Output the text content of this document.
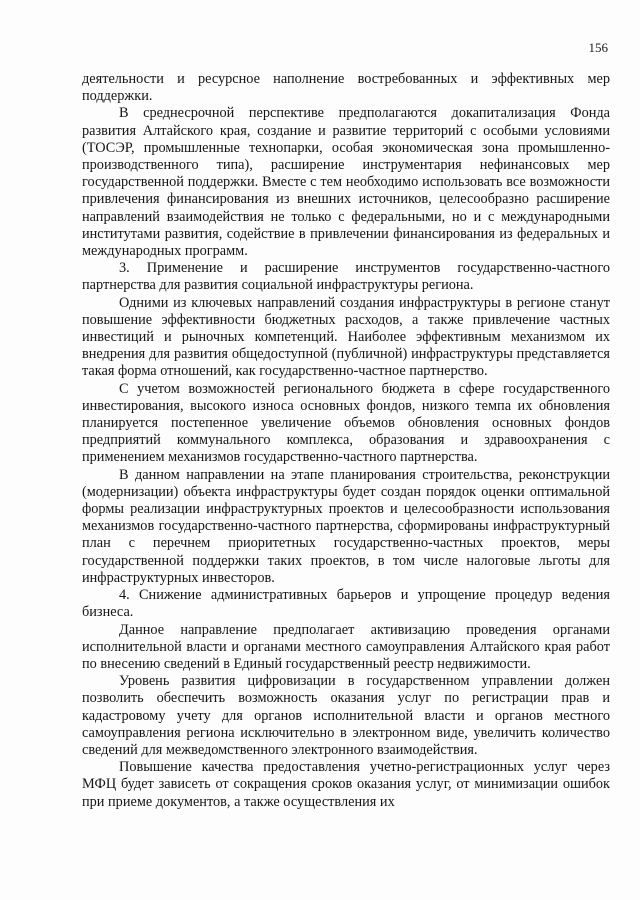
156

деятельности и ресурсное наполнение востребованных и эффективных мер поддержки.

В среднесрочной перспективе предполагаются докапитализация Фонда развития Алтайского края, создание и развитие территорий с особыми условиями (ТОСЭР, промышленные технопарки, особая экономическая зона промышленно-производственного типа), расширение инструментария нефинансовых мер государственной поддержки. Вместе с тем необходимо использовать все возможности привлечения финансирования из внешних источников, целесообразно расширение направлений взаимодействия не только с федеральными, но и с международными институтами развития, содействие в привлечении финансирования из федеральных и международных программ.

3. Применение и расширение инструментов государственно-частного партнерства для развития социальной инфраструктуры региона.

Одними из ключевых направлений создания инфраструктуры в регионе станут повышение эффективности бюджетных расходов, а также привлечение частных инвестиций и рыночных компетенций. Наиболее эффективным механизмом их внедрения для развития общедоступной (публичной) инфраструктуры представляется такая форма отношений, как государственно-частное партнерство.

С учетом возможностей регионального бюджета в сфере государственного инвестирования, высокого износа основных фондов, низкого темпа их обновления планируется постепенное увеличение объемов обновления основных фондов предприятий коммунального комплекса, образования и здравоохранения с применением механизмов государственно-частного партнерства.

В данном направлении на этапе планирования строительства, реконструкции (модернизации) объекта инфраструктуры будет создан порядок оценки оптимальной формы реализации инфраструктурных проектов и целесообразности использования механизмов государственно-частного партнерства, сформированы инфраструктурный план с перечнем приоритетных государственно-частных проектов, меры государственной поддержки таких проектов, в том числе налоговые льготы для инфраструктурных инвесторов.

4. Снижение административных барьеров и упрощение процедур ведения бизнеса.

Данное направление предполагает активизацию проведения органами исполнительной власти и органами местного самоуправления Алтайского края работ по внесению сведений в Единый государственный реестр недвижимости.

Уровень развития цифровизации в государственном управлении должен позволить обеспечить возможность оказания услуг по регистрации прав и кадастровому учету для органов исполнительной власти и органов местного самоуправления региона исключительно в электронном виде, увеличить количество сведений для межведомственного электронного взаимодействия.

Повышение качества предоставления учетно-регистрационных услуг через МФЦ будет зависеть от сокращения сроков оказания услуг, от минимизации ошибок при приеме документов, а также осуществления их
